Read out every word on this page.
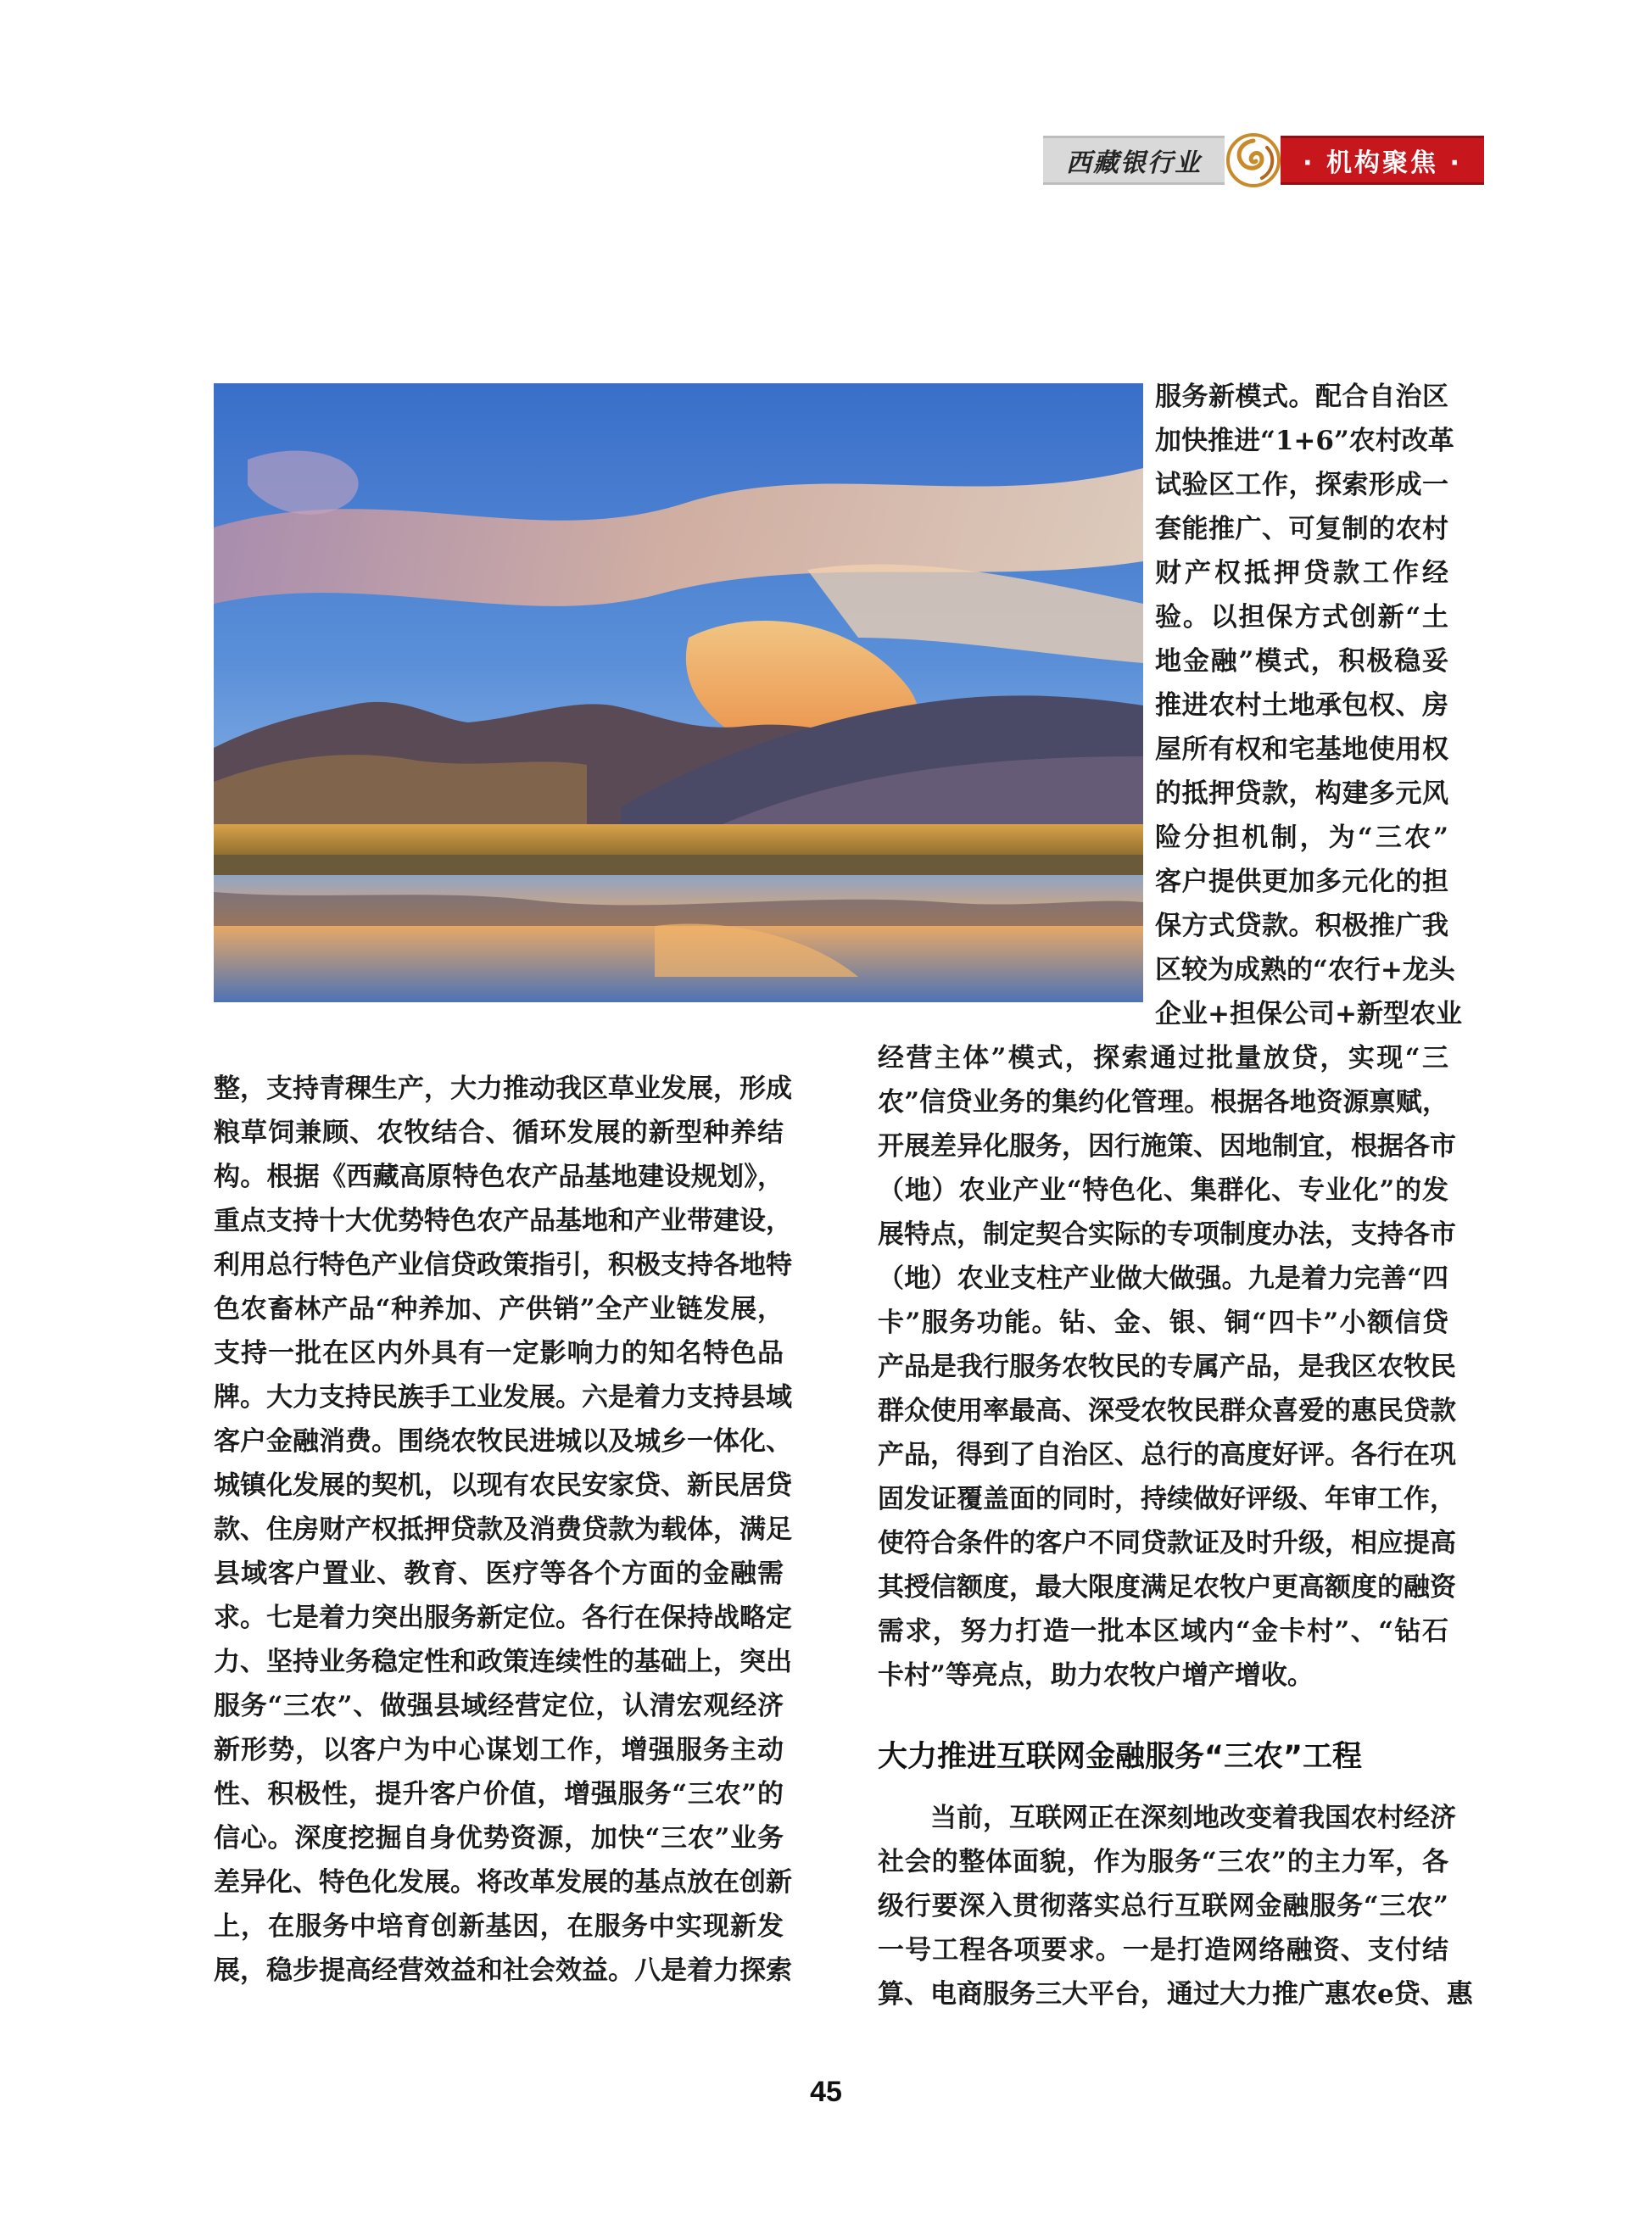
西藏银行业	· 机构聚焦 ·
服务新模式。配合自治区
加快推进“1+6”农村改革
试验区工作，探索形成一
套能推广、可复制的农村
财产权抵押贷款工作经
验。以担保方式创新“土
地金融”模式，积极稳妥
推进农村土地承包权、房
屋所有权和宅基地使用权
的抵押贷款，构建多元风
险分担机制，为“三农”
客户提供更加多元化的担
保方式贷款。积极推广我
区较为成熟的“农行+龙头
企业+担保公司+新型农业
整，支持青稞生产，大力推动我区草业发展，形成
粮草饲兼顾、农牧结合、循环发展的新型种养结
构。根据《西藏高原特色农产品基地建设规划》，
重点支持十大优势特色农产品基地和产业带建设，
利用总行特色产业信贷政策指引，积极支持各地特
色农畜林产品“种养加、产供销”全产业链发展，
支持一批在区内外具有一定影响力的知名特色品
牌。大力支持民族手工业发展。六是着力支持县域
客户金融消费。围绕农牧民进城以及城乡一体化、
城镇化发展的契机，以现有农民安家贷、新民居贷
款、住房财产权抵押贷款及消费贷款为载体，满足
县域客户置业、教育、医疗等各个方面的金融需
求。七是着力突出服务新定位。各行在保持战略定
力、坚持业务稳定性和政策连续性的基础上，突出
服务“三农”、做强县域经营定位，认清宏观经济
新形势，以客户为中心谋划工作，增强服务主动
性、积极性，提升客户价值，增强服务“三农”的
信心。深度挖掘自身优势资源，加快“三农”业务
差异化、特色化发展。将改革发展的基点放在创新
上，在服务中培育创新基因，在服务中实现新发
展，稳步提高经营效益和社会效益。八是着力探索
经营主体”模式，探索通过批量放贷，实现“三
农”信贷业务的集约化管理。根据各地资源禀赋，
开展差异化服务，因行施策、因地制宜，根据各市
（地）农业产业“特色化、集群化、专业化”的发
展特点，制定契合实际的专项制度办法，支持各市
（地）农业支柱产业做大做强。九是着力完善“四
卡”服务功能。钻、金、银、铜“四卡”小额信贷
产品是我行服务农牧民的专属产品，是我区农牧民
群众使用率最高、深受农牧民群众喜爱的惠民贷款
产品，得到了自治区、总行的高度好评。各行在巩
固发证覆盖面的同时，持续做好评级、年审工作，
使符合条件的客户不同贷款证及时升级，相应提高
其授信额度，最大限度满足农牧户更高额度的融资
需求，努力打造一批本区域内“金卡村”、“钻石
卡村”等亮点，助力农牧户增产增收。
大力推进互联网金融服务“三农”工程
当前，互联网正在深刻地改变着我国农村经济
社会的整体面貌，作为服务“三农”的主力军，各
级行要深入贯彻落实总行互联网金融服务“三农”
一号工程各项要求。一是打造网络融资、支付结
算、电商服务三大平台，通过大力推广惠农e贷、惠
45
